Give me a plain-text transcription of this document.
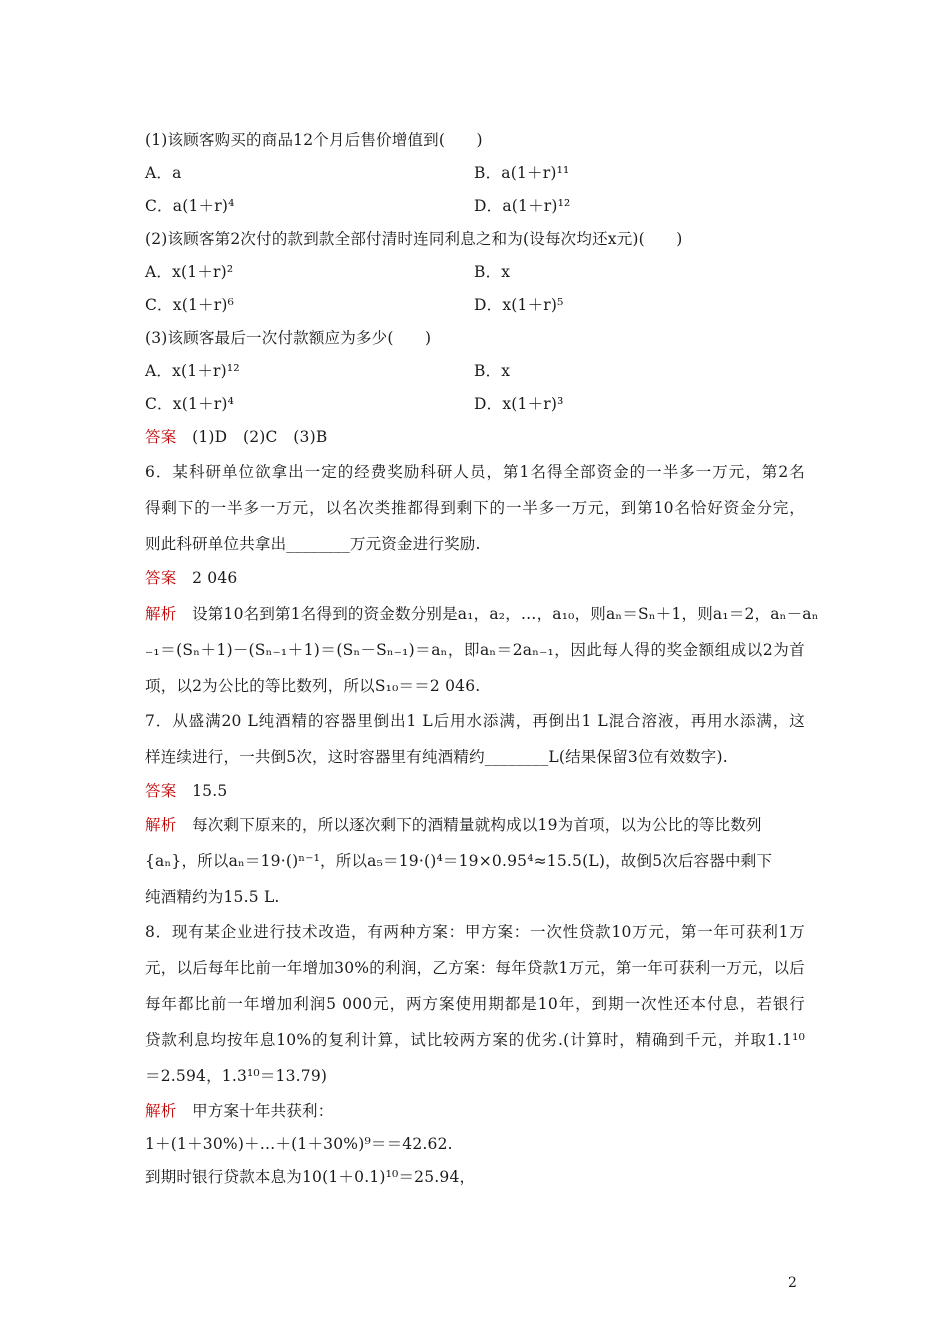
(1)该顾客购买的商品12个月后售价增值到(　　)
A．a	B．a(1＋r)¹¹
C．a(1＋r)⁴	D．a(1＋r)¹²
(2)该顾客第2次付的款到款全部付清时连同利息之和为(设每次均还x元)(　　)
A．x(1＋r)²	B．x
C．x(1＋r)⁶	D．x(1＋r)⁵
(3)该顾客最后一次付款额应为多少(　　)
A．x(1＋r)¹²	B．x
C．x(1＋r)⁴	D．x(1＋r)³
答案　 (1)D　(2)C　(3)B
6．某科研单位欲拿出一定的经费奖励科研人员，第1名得全部资金的一半多一万元，第2名
得剩下的一半多一万元，以名次类推都得到剩下的一半多一万元，到第10名恰好资金分完，
则此科研单位共拿出________万元资金进行奖励.
答案　 2 046
解析　 设第10名到第1名得到的资金数分别是a₁，a₂，…，a₁₀，则aₙ＝Sₙ＋1，则a₁＝2，aₙ－aₙ
₋₁＝(Sₙ＋1)－(Sₙ₋₁＋1)＝(Sₙ－Sₙ₋₁)＝aₙ，即aₙ＝2aₙ₋₁，因此每人得的奖金额组成以2为首
项，以2为公比的等比数列，所以S₁₀＝＝2 046.
7．从盛满20 L纯酒精的容器里倒出1 L后用水添满，再倒出1 L混合溶液，再用水添满，这
样连续进行，一共倒5次，这时容器里有纯酒精约________L(结果保留3位有效数字).
答案　 15.5
解析　 每次剩下原来的，所以逐次剩下的酒精量就构成以19为首项，以为公比的等比数列
{aₙ}，所以aₙ＝19·()ⁿ⁻¹，所以a₅＝19·()⁴＝19×0.95⁴≈15.5(L)，故倒5次后容器中剩下
纯酒精约为15.5 L.
8．现有某企业进行技术改造，有两种方案：甲方案：一次性贷款10万元，第一年可获利1万
元，以后每年比前一年增加30%的利润，乙方案：每年贷款1万元，第一年可获利一万元，以后
每年都比前一年增加利润5 000元，两方案使用期都是10年，到期一次性还本付息，若银行
贷款利息均按年息10%的复利计算，试比较两方案的优劣.(计算时，精确到千元，并取1.1¹⁰
＝2.594，1.3¹⁰＝13.79)
解析　 甲方案十年共获利：
1＋(1＋30%)＋…＋(1＋30%)⁹＝＝42.62.
到期时银行贷款本息为10(1＋0.1)¹⁰＝25.94，
2
